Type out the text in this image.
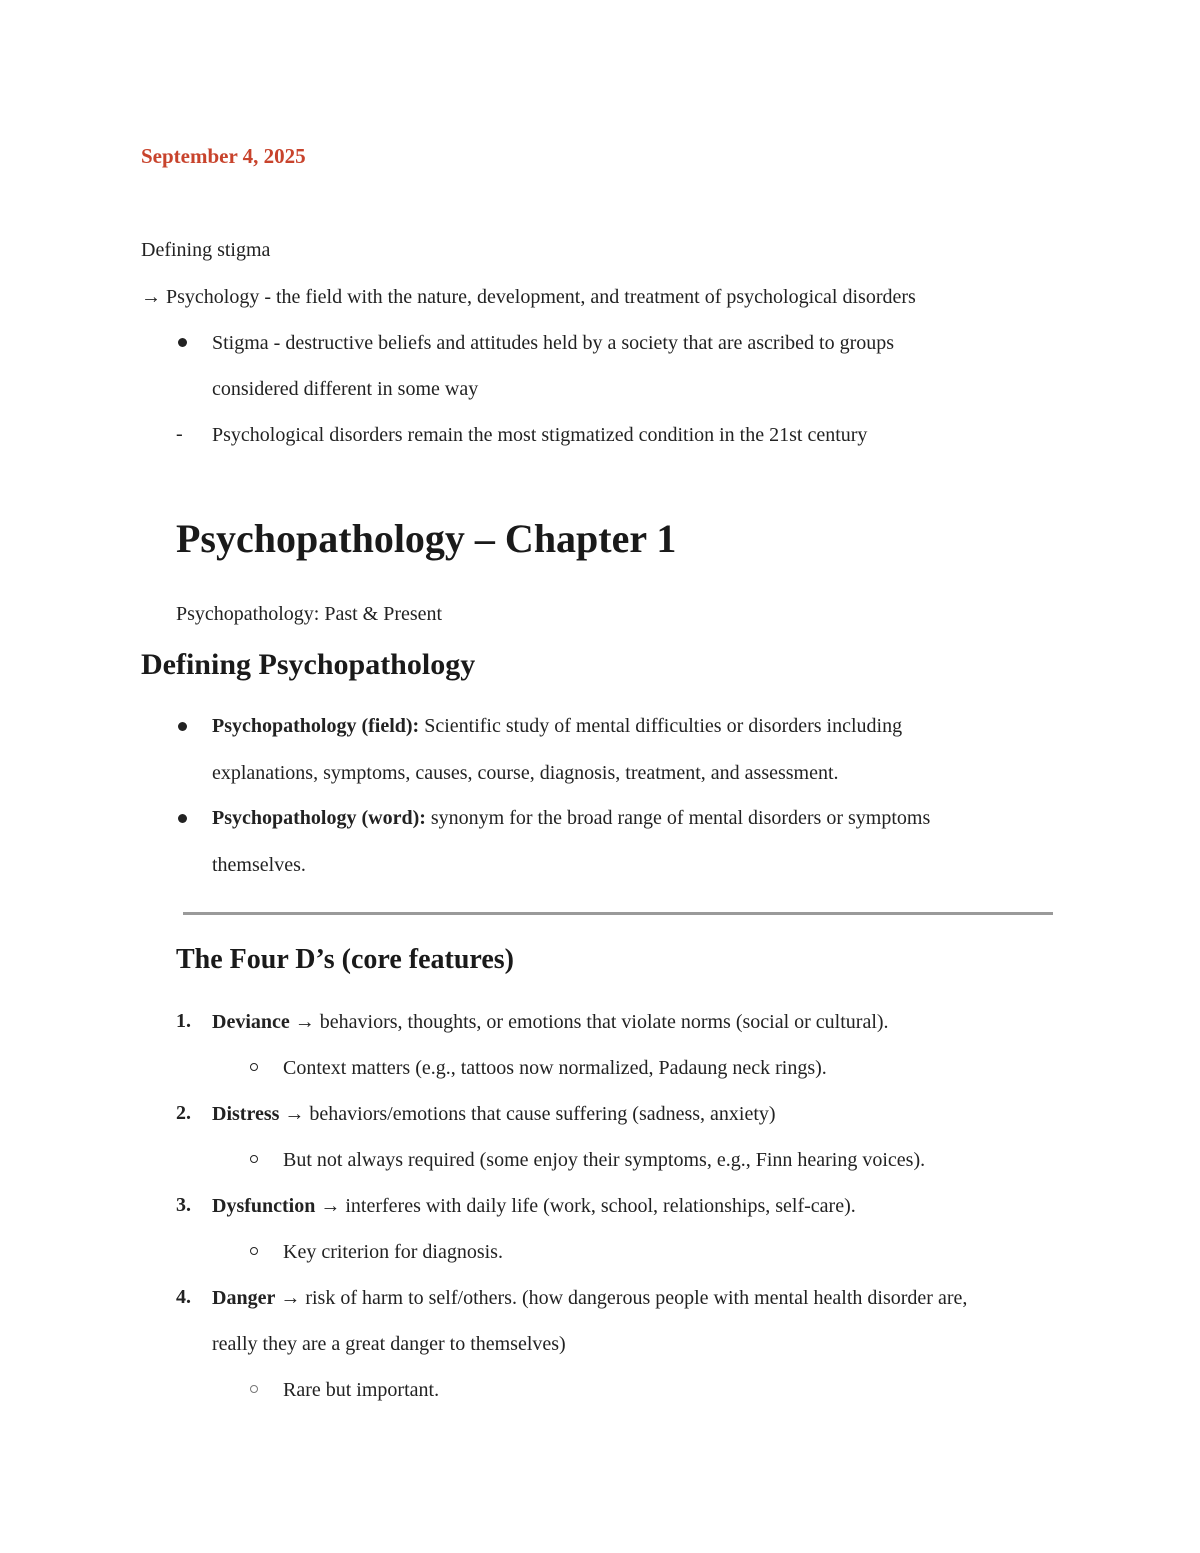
September 4, 2025
Defining stigma
→ Psychology - the field with the nature, development, and treatment of psychological disorders
Stigma - destructive beliefs and attitudes held by a society that are ascribed to groups
considered different in some way
- Psychological disorders remain the most stigmatized condition in the 21st century
Psychopathology – Chapter 1
Psychopathology: Past & Present
Defining Psychopathology
Psychopathology (field): Scientific study of mental difficulties or disorders including
explanations, symptoms, causes, course, diagnosis, treatment, and assessment.
Psychopathology (word): synonym for the broad range of mental disorders or symptoms
themselves.
The Four D’s (core features)
1. Deviance → behaviors, thoughts, or emotions that violate norms (social or cultural).
Context matters (e.g., tattoos now normalized, Padaung neck rings).
2. Distress → behaviors/emotions that cause suffering (sadness, anxiety)
But not always required (some enjoy their symptoms, e.g., Finn hearing voices).
3. Dysfunction → interferes with daily life (work, school, relationships, self-care).
Key criterion for diagnosis.
4. Danger → risk of harm to self/others. (how dangerous people with mental health disorder are,
really they are a great danger to themselves)
Rare but important.
